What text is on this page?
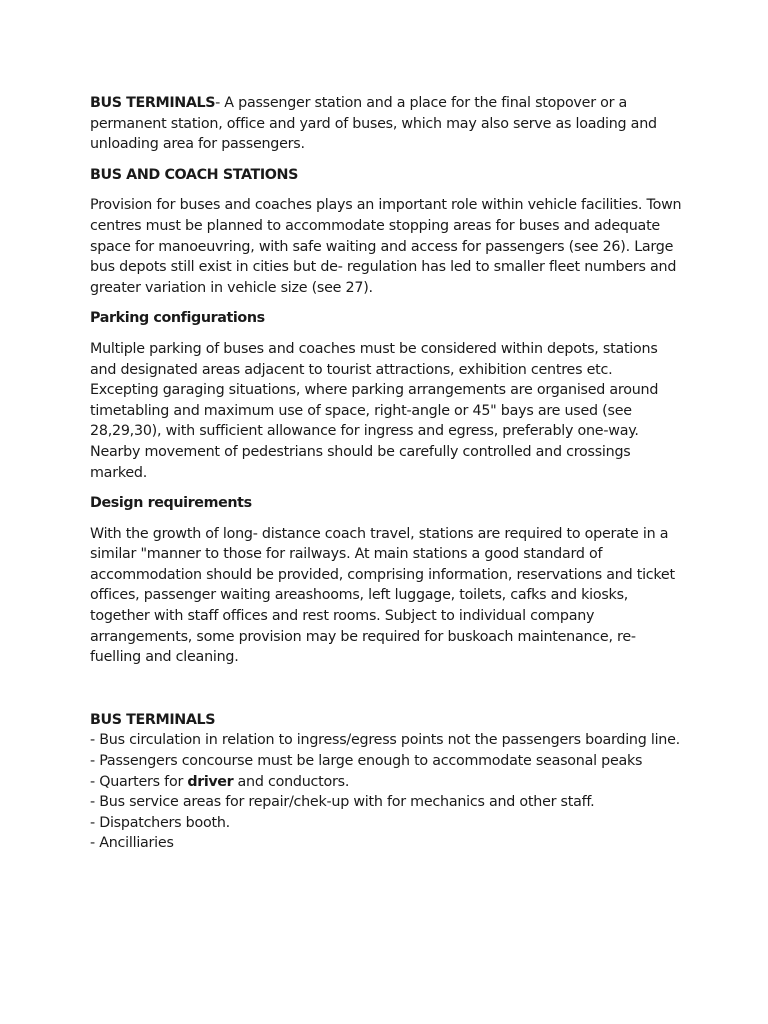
BUS TERMINALS- A passenger station and a place for the final stopover or a permanent station, office and yard of buses, which may also serve as loading and unloading area for passengers.

BUS AND COACH STATIONS

Provision for buses and coaches plays an important role within vehicle facilities. Town centres must be planned to accommodate stopping areas for buses and adequate space for manoeuvring, with safe waiting and access for passengers (see 26). Large bus depots still exist in cities but de- regulation has led to smaller fleet numbers and greater variation in vehicle size (see 27).

Parking configurations

Multiple parking of buses and coaches must be considered within depots, stations and designated areas adjacent to tourist attractions, exhibition centres etc. Excepting garaging situations, where parking arrangements are organised around timetabling and maximum use of space, right-angle or 45" bays are used (see 28,29,30), with sufficient allowance for ingress and egress, preferably one-way. Nearby movement of pedestrians should be carefully controlled and crossings marked.

Design requirements

With the growth of long- distance coach travel, stations are required to operate in a similar "manner to those for railways. At main stations a good standard of accommodation should be provided, comprising information, reservations and ticket offices, passenger waiting areashooms, left luggage, toilets, cafks and kiosks, together with staff offices and rest rooms. Subject to individual company arrangements, some provision may be required for buskoach maintenance, re-fuelling and cleaning.

BUS TERMINALS
- Bus circulation in relation to ingress/egress points not the passengers boarding line.
- Passengers concourse must be large enough to accommodate seasonal peaks
- Quarters for driver and conductors.
- Bus service areas for repair/chek-up with for mechanics and other staff.
- Dispatchers booth.
- Ancilliaries
